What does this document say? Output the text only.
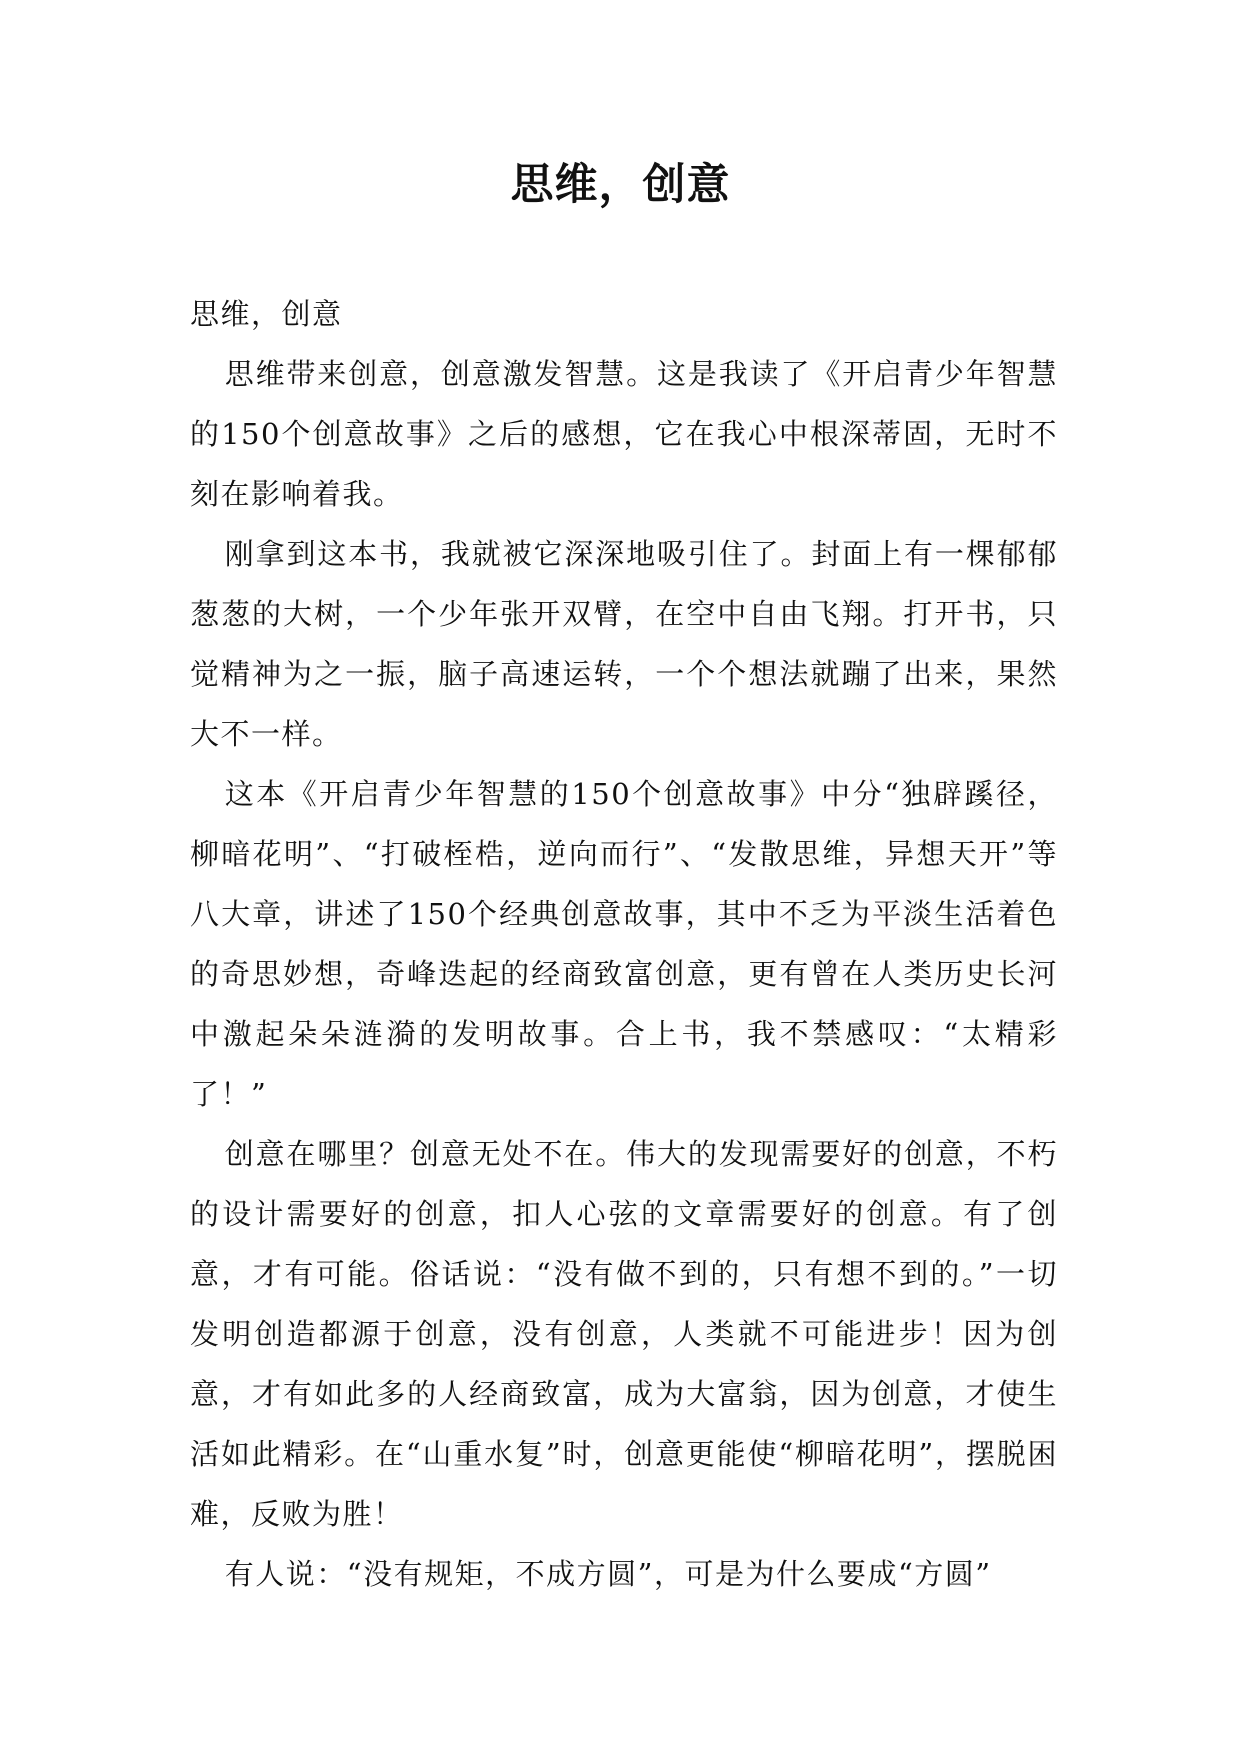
思维，创意

思维，创意

思维带来创意，创意激发智慧。这是我读了《开启青少年智慧的150个创意故事》之后的感想，它在我心中根深蒂固，无时不刻在影响着我。

刚拿到这本书，我就被它深深地吸引住了。封面上有一棵郁郁葱葱的大树，一个少年张开双臂，在空中自由飞翔。打开书，只觉精神为之一振，脑子高速运转，一个个想法就蹦了出来，果然大不一样。

这本《开启青少年智慧的150个创意故事》中分“独辟蹊径，柳暗花明”、“打破桎梏，逆向而行”、“发散思维，异想天开”等八大章，讲述了150个经典创意故事，其中不乏为平淡生活着色的奇思妙想，奇峰迭起的经商致富创意，更有曾在人类历史长河中激起朵朵涟漪的发明故事。合上书，我不禁感叹：“太精彩了！”

创意在哪里？创意无处不在。伟大的发现需要好的创意，不朽的设计需要好的创意，扣人心弦的文章需要好的创意。有了创意，才有可能。俗话说：“没有做不到的，只有想不到的。”一切发明创造都源于创意，没有创意，人类就不可能进步！因为创意，才有如此多的人经商致富，成为大富翁，因为创意，才使生活如此精彩。在“山重水复”时，创意更能使“柳暗花明”，摆脱困难，反败为胜！

有人说：“没有规矩，不成方圆”，可是为什么要成“方圆”
